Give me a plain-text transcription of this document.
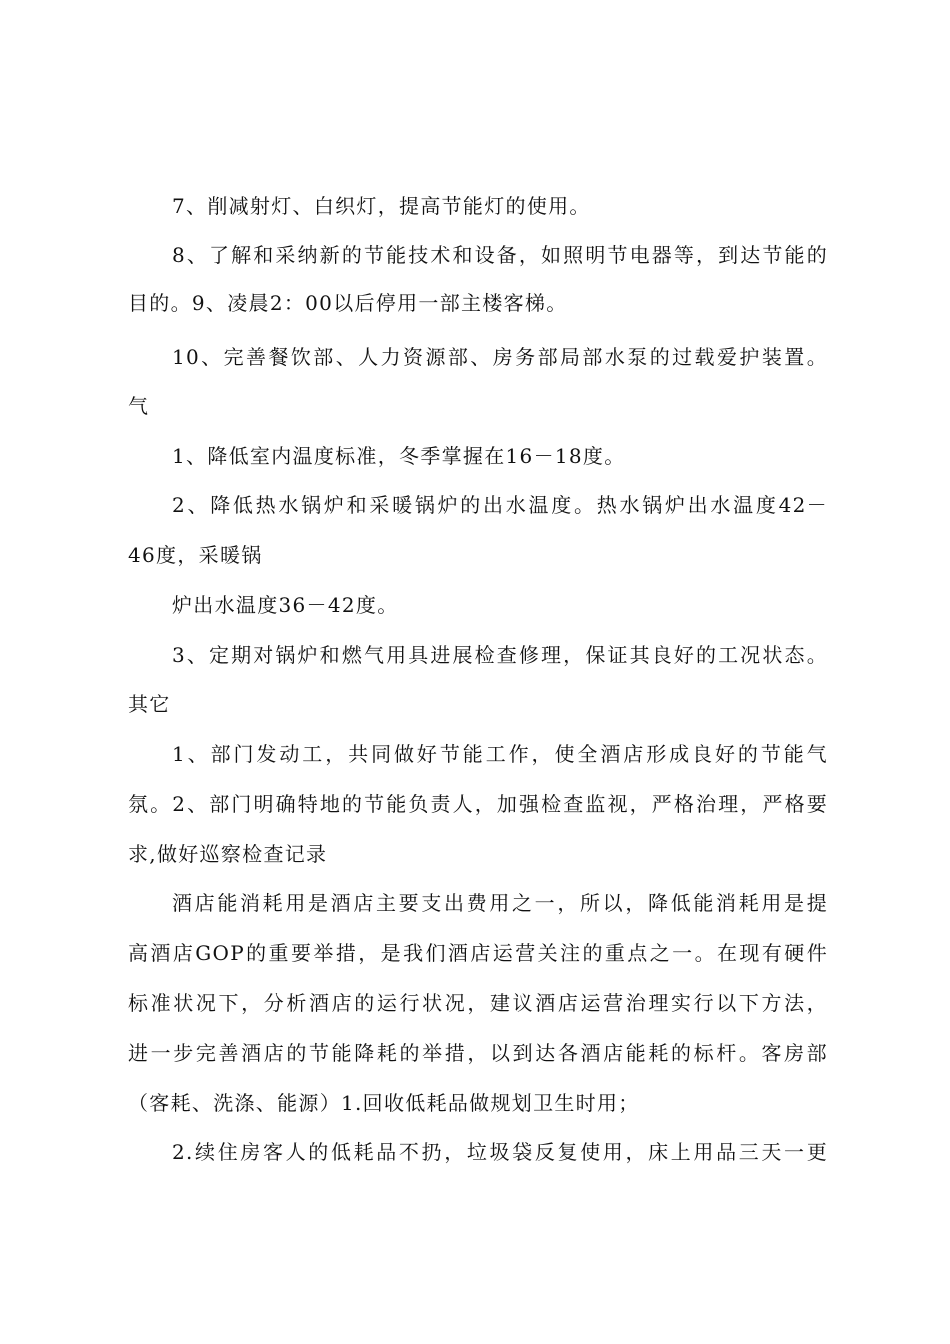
7、削减射灯、白织灯，提高节能灯的使用。

8、了解和采纳新的节能技术和设备，如照明节电器等，到达节能的

目的。9、凌晨2：00以后停用一部主楼客梯。

10、完善餐饮部、人力资源部、房务部局部水泵的过载爱护装置。

气

1、降低室内温度标准，冬季掌握在16－18度。

2、降低热水锅炉和采暖锅炉的出水温度。热水锅炉出水温度42－

46度，采暖锅

炉出水温度36－42度。

3、定期对锅炉和燃气用具进展检查修理，保证其良好的工况状态。

其它

1、部门发动工，共同做好节能工作，使全酒店形成良好的节能气

氛。2、部门明确特地的节能负责人，加强检查监视，严格治理，严格要

求,做好巡察检查记录

酒店能消耗用是酒店主要支出费用之一，所以，降低能消耗用是提

高酒店GOP的重要举措，是我们酒店运营关注的重点之一。在现有硬件

标准状况下，分析酒店的运行状况，建议酒店运营治理实行以下方法，

进一步完善酒店的节能降耗的举措，以到达各酒店能耗的标杆。客房部

（客耗、洗涤、能源）1.回收低耗品做规划卫生时用；

2.续住房客人的低耗品不扔，垃圾袋反复使用，床上用品三天一更
